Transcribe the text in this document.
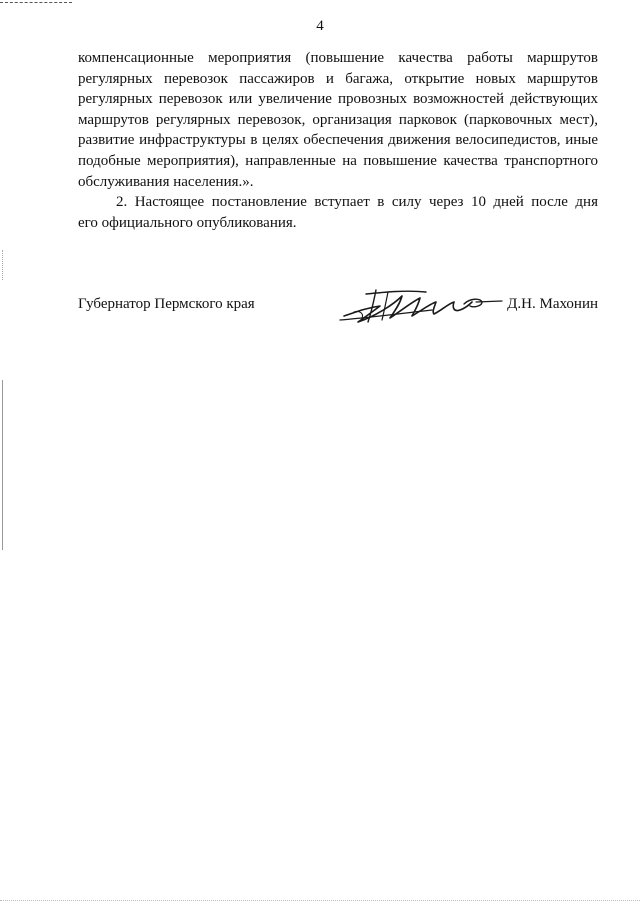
4

компенсационные мероприятия (повышение качества работы маршрутов
регулярных перевозок пассажиров и багажа, открытие новых маршрутов
регулярных перевозок или увеличение провозных возможностей действующих
маршрутов регулярных перевозок, организация парковок (парковочных мест),
развитие инфраструктуры в целях обеспечения движения велосипедистов, иные
подобные мероприятия), направленные на повышение качества транспортного
обслуживания населения.».

2. Настоящее постановление вступает в силу через 10 дней после дня
его официального опубликования.

Губернатор Пермского края	Д.Н. Махонин
